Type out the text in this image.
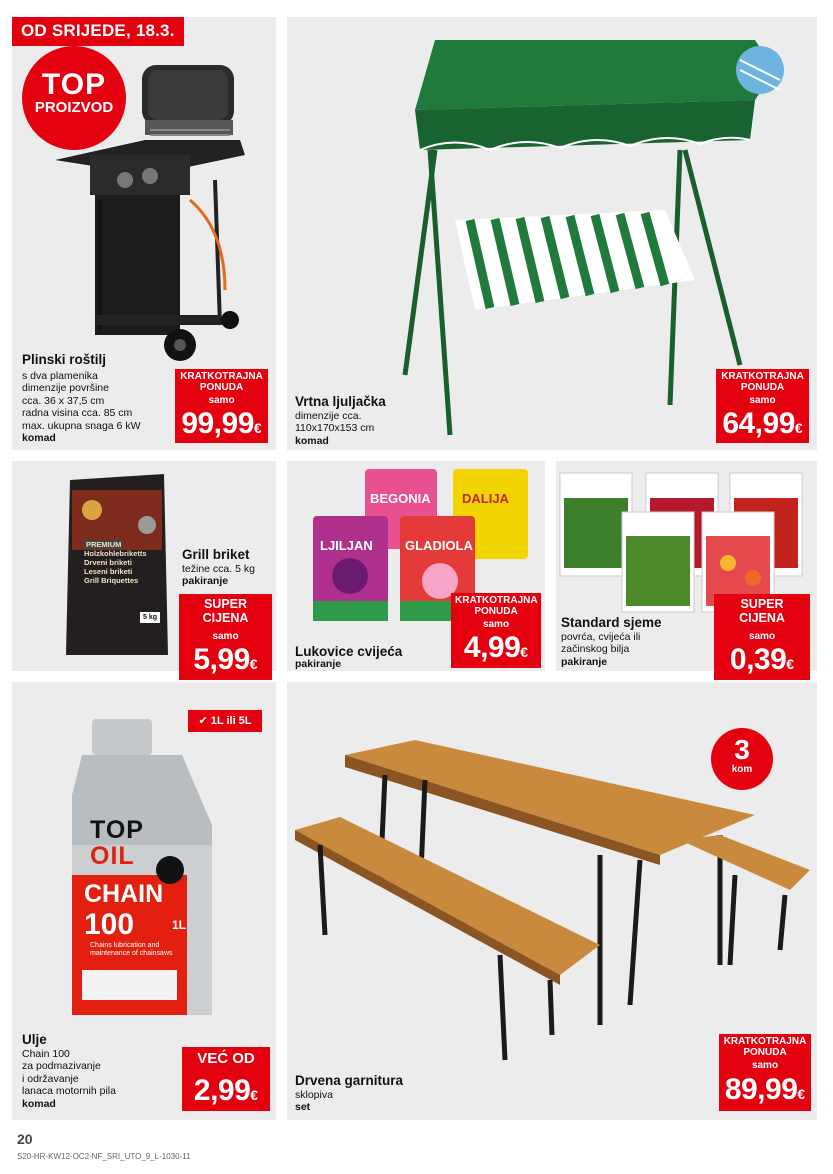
OD SRIJEDE, 18.3.
TOP
PROIZVOD
Plinski roštilj
s dva plamenika
dimenzije površine
cca. 36 x 37,5 cm
radna visina cca. 85 cm
max. ukupna snaga 6 kW
komad
KRATKOTRAJNA
PONUDA
samo
99,99€
Vrtna ljuljačka
dimenzije cca.
110x170x153 cm
komad
KRATKOTRAJNA
PONUDA
samo
64,99€
PREMIUM
Holzkohlebriketts
Drveni briketi
Leseni briketi
Grill Briquettes
5 kg
Grill briket
težine cca. 5 kg
pakiranje
SUPER CIJENA
samo
5,99€
BEGONIA DALIJA
LJILJAN GLADIOLA
Lukovice cvijeća
pakiranje
KRATKOTRAJNA
PONUDA
samo
4,99€
Standard sjeme
povrća, cvijeća ili
začinskog bilja
pakiranje
SUPER CIJENA
samo
0,39€
✔ 1L ili 5L
TOP
OIL
CHAIN
100	1L
Chains lubrication and maintenance of chainsaws
Ulje
Chain 100
za podmazivanje
i održavanje
lanaca motornih pila
komad
VEĆ OD
2,99€
3
kom
Drvena garnitura
sklopiva
set
KRATKOTRAJNA
PONUDA
samo
89,99€
20
S20-HR-KW12-OC2-NF_SRI_UTO_9_L-1030-11
